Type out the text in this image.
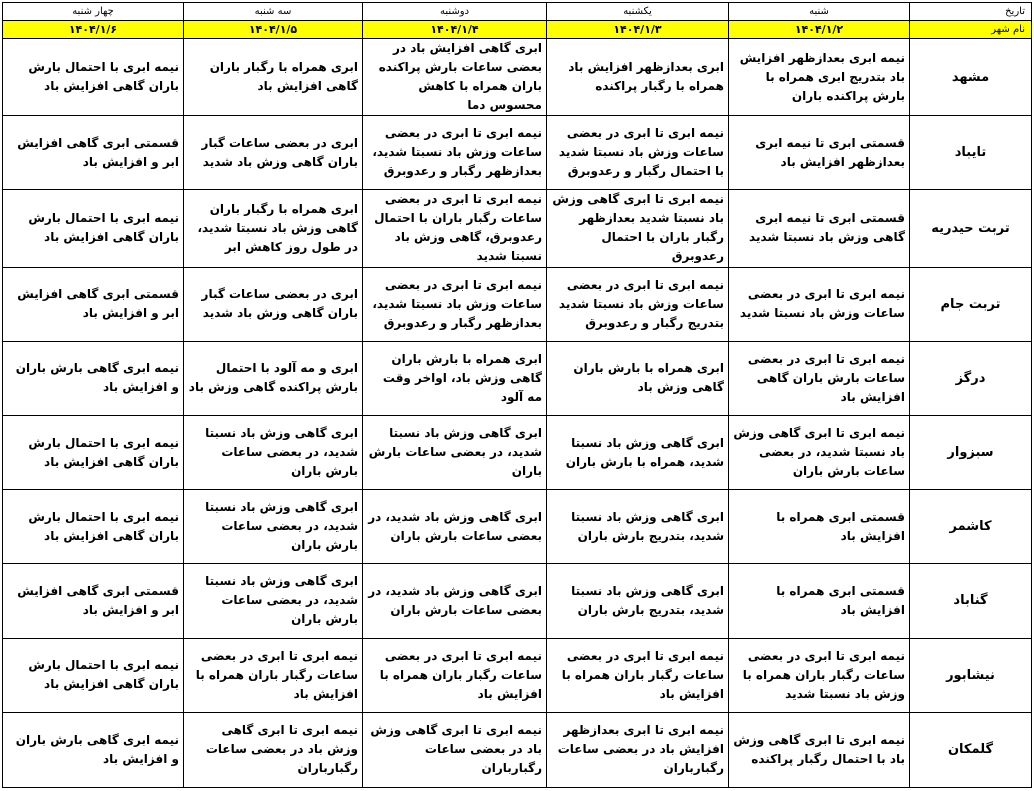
تاریخ	شنبه	یکشنبه	دوشنبه	سه شنبه	چهار شنبه
نام شهر	۱۴۰۴/۱/۲	۱۴۰۴/۱/۳	۱۴۰۴/۱/۴	۱۴۰۴/۱/۵	۱۴۰۴/۱/۶
مشهد	نیمه ابری بعدازظهر افزایش باد بتدریج ابری همراه با بارش پراکنده باران	ابری بعدازظهر افزایش باد همراه با رگبار پراکنده	ابری گاهی افزایش باد در بعضی ساعات بارش پراکنده باران همراه با کاهش محسوس دما	ابری همراه با رگبار باران گاهی افزایش باد	نیمه ابری با احتمال بارش باران گاهی افزایش باد
تایباد	قسمتی ابری تا نیمه ابری بعدازظهر افزایش باد	نیمه ابری تا ابری در بعضی ساعات وزش باد نسبتا شدید با احتمال رگبار و رعدوبرق	نیمه ابری تا ابری در بعضی ساعات وزش باد نسبتا شدید، بعدازظهر رگبار و رعدوبرق	ابری در بعضی ساعات گبار باران گاهی وزش باد شدید	قسمتی ابری گاهی افزایش ابر و افزایش باد
تربت حیدریه	قسمتی ابری تا نیمه ابری گاهی وزش باد نسبتا شدید	نیمه ابری تا ابری گاهی وزش باد نسبتا شدید بعدازظهر رگبار باران با احتمال رعدوبرق	نیمه ابری تا ابری در بعضی ساعات رگبار باران با احتمال رعدوبرق، گاهی وزش باد نسبتا شدید	ابری همراه با رگبار باران گاهی وزش باد نسبتا شدید، در طول روز کاهش ابر	نیمه ابری با احتمال بارش باران گاهی افزایش باد
تربت جام	نیمه ابری تا ابری در بعضی ساعات وزش باد نسبتا شدید	نیمه ابری تا ابری در بعضی ساعات وزش باد نسبتا شدید بتدریج رگبار و رعدوبرق	نیمه ابری تا ابری در بعضی ساعات وزش باد نسبتا شدید، بعدازظهر رگبار و رعدوبرق	ابری در بعضی ساعات گبار باران گاهی وزش باد شدید	قسمتی ابری گاهی افزایش ابر و افزایش باد
درگز	نیمه ابری تا ابری در بعضی ساعات بارش باران گاهی افزایش باد	ابری همراه با بارش باران گاهی وزش باد	ابری همراه با بارش باران گاهی وزش باد، اواخر وقت مه آلود	ابری و مه آلود با احتمال بارش پراکنده گاهی وزش باد	نیمه ابری گاهی بارش باران و افزایش باد
سبزوار	نیمه ابری تا ابری گاهی وزش باد نسبتا شدید، در بعضی ساعات بارش باران	ابری گاهی وزش باد نسبتا شدید، همراه با بارش باران	ابری گاهی وزش باد نسبتا شدید، در بعضی ساعات بارش باران	ابری گاهی وزش باد نسبتا شدید، در بعضی ساعات بارش باران	نیمه ابری با احتمال بارش باران گاهی افزایش باد
کاشمر	قسمتی ابری همراه با افزایش باد	ابری گاهی وزش باد نسبتا شدید، بتدریج بارش باران	ابری گاهی وزش باد شدید، در بعضی ساعات بارش باران	ابری گاهی وزش باد نسبتا شدید، در بعضی ساعات بارش باران	نیمه ابری با احتمال بارش باران گاهی افزایش باد
گناباد	قسمتی ابری همراه با افزایش باد	ابری گاهی وزش باد نسبتا شدید، بتدریج بارش باران	ابری گاهی وزش باد شدید، در بعضی ساعات بارش باران	ابری گاهی وزش باد نسبتا شدید، در بعضی ساعات بارش باران	قسمتی ابری گاهی افزایش ابر و افزایش باد
نیشابور	نیمه ابری تا ابری در بعضی ساعات رگبار باران همراه با وزش باد نسبتا شدید	نیمه ابری تا ابری در بعضی ساعات رگبار باران همراه با افزایش باد	نیمه ابری تا ابری در بعضی ساعات رگبار باران همراه با افزایش باد	نیمه ابری تا ابری در بعضی ساعات رگبار باران همراه با افزایش باد	نیمه ابری با احتمال بارش باران گاهی افزایش باد
گلمکان	نیمه ابری تا ابری گاهی وزش باد با احتمال رگبار پراکنده	نیمه ابری تا ابری بعدازظهر افزایش باد در بعضی ساعات رگبارباران	نیمه ابری تا ابری گاهی وزش باد در بعضی ساعات رگبارباران	نیمه ابری تا ابری گاهی وزش باد در بعضی ساعات رگبارباران	نیمه ابری گاهی بارش باران و افزایش باد
